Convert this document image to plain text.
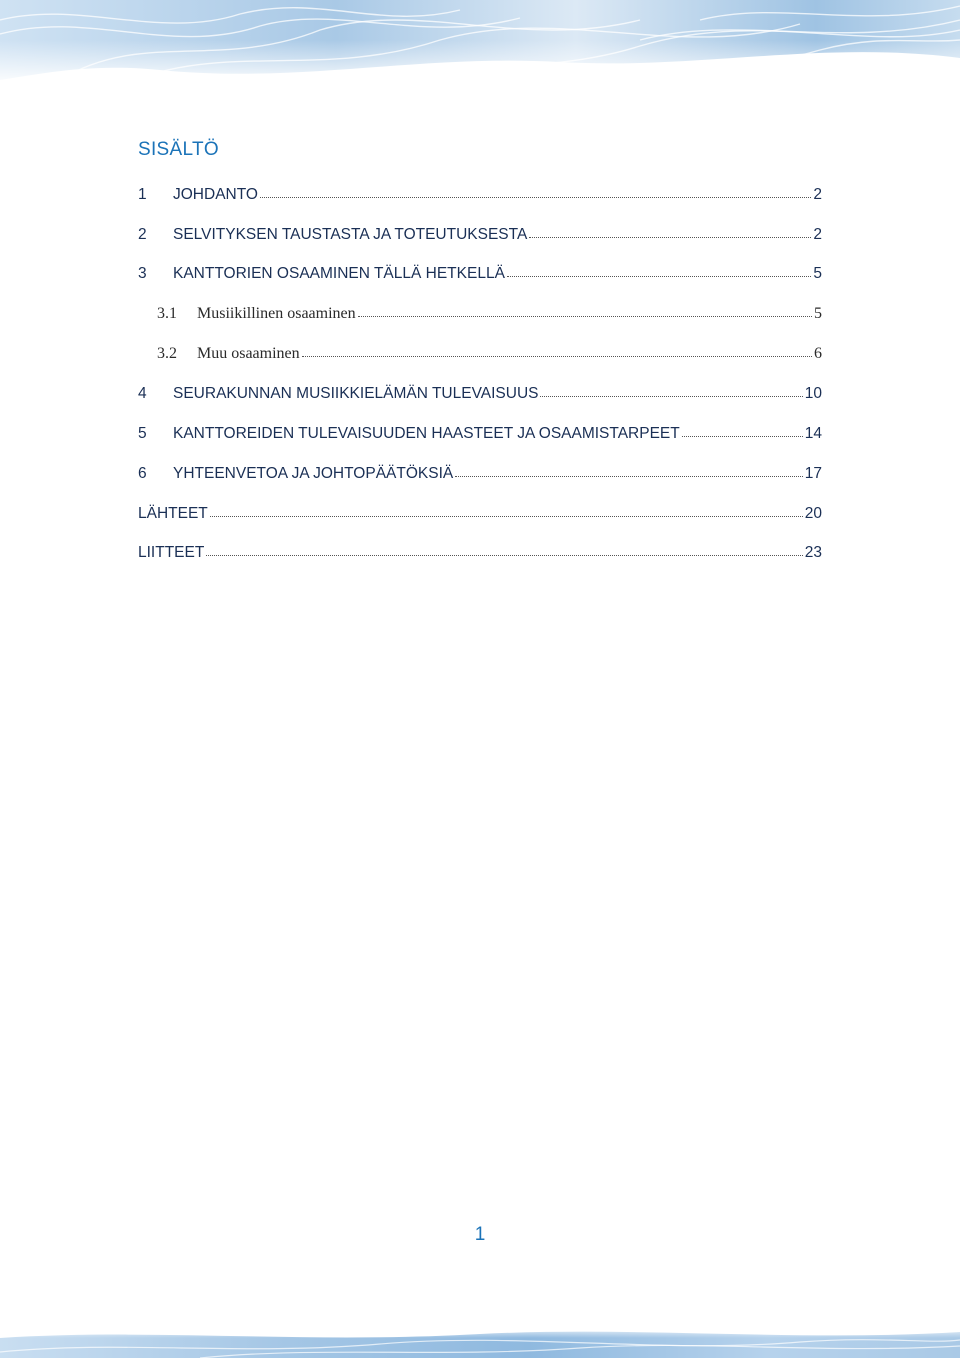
SISÄLTÖ
1	JOHDANTO	2
2	SELVITYKSEN TAUSTASTA JA TOTEUTUKSESTA	2
3	KANTTORIEN OSAAMINEN TÄLLÄ HETKELLÄ	5
3.1	Musiikillinen osaaminen	5
3.2	Muu osaaminen	6
4	SEURAKUNNAN MUSIIKKIELÄMÄN TULEVAISUUS	10
5	KANTTOREIDEN TULEVAISUUDEN HAASTEET JA OSAAMISTARPEET	14
6	YHTEENVETOA JA JOHTOPÄÄTÖKSIÄ	17
LÄHTEET	20
LIITTEET	23
1
